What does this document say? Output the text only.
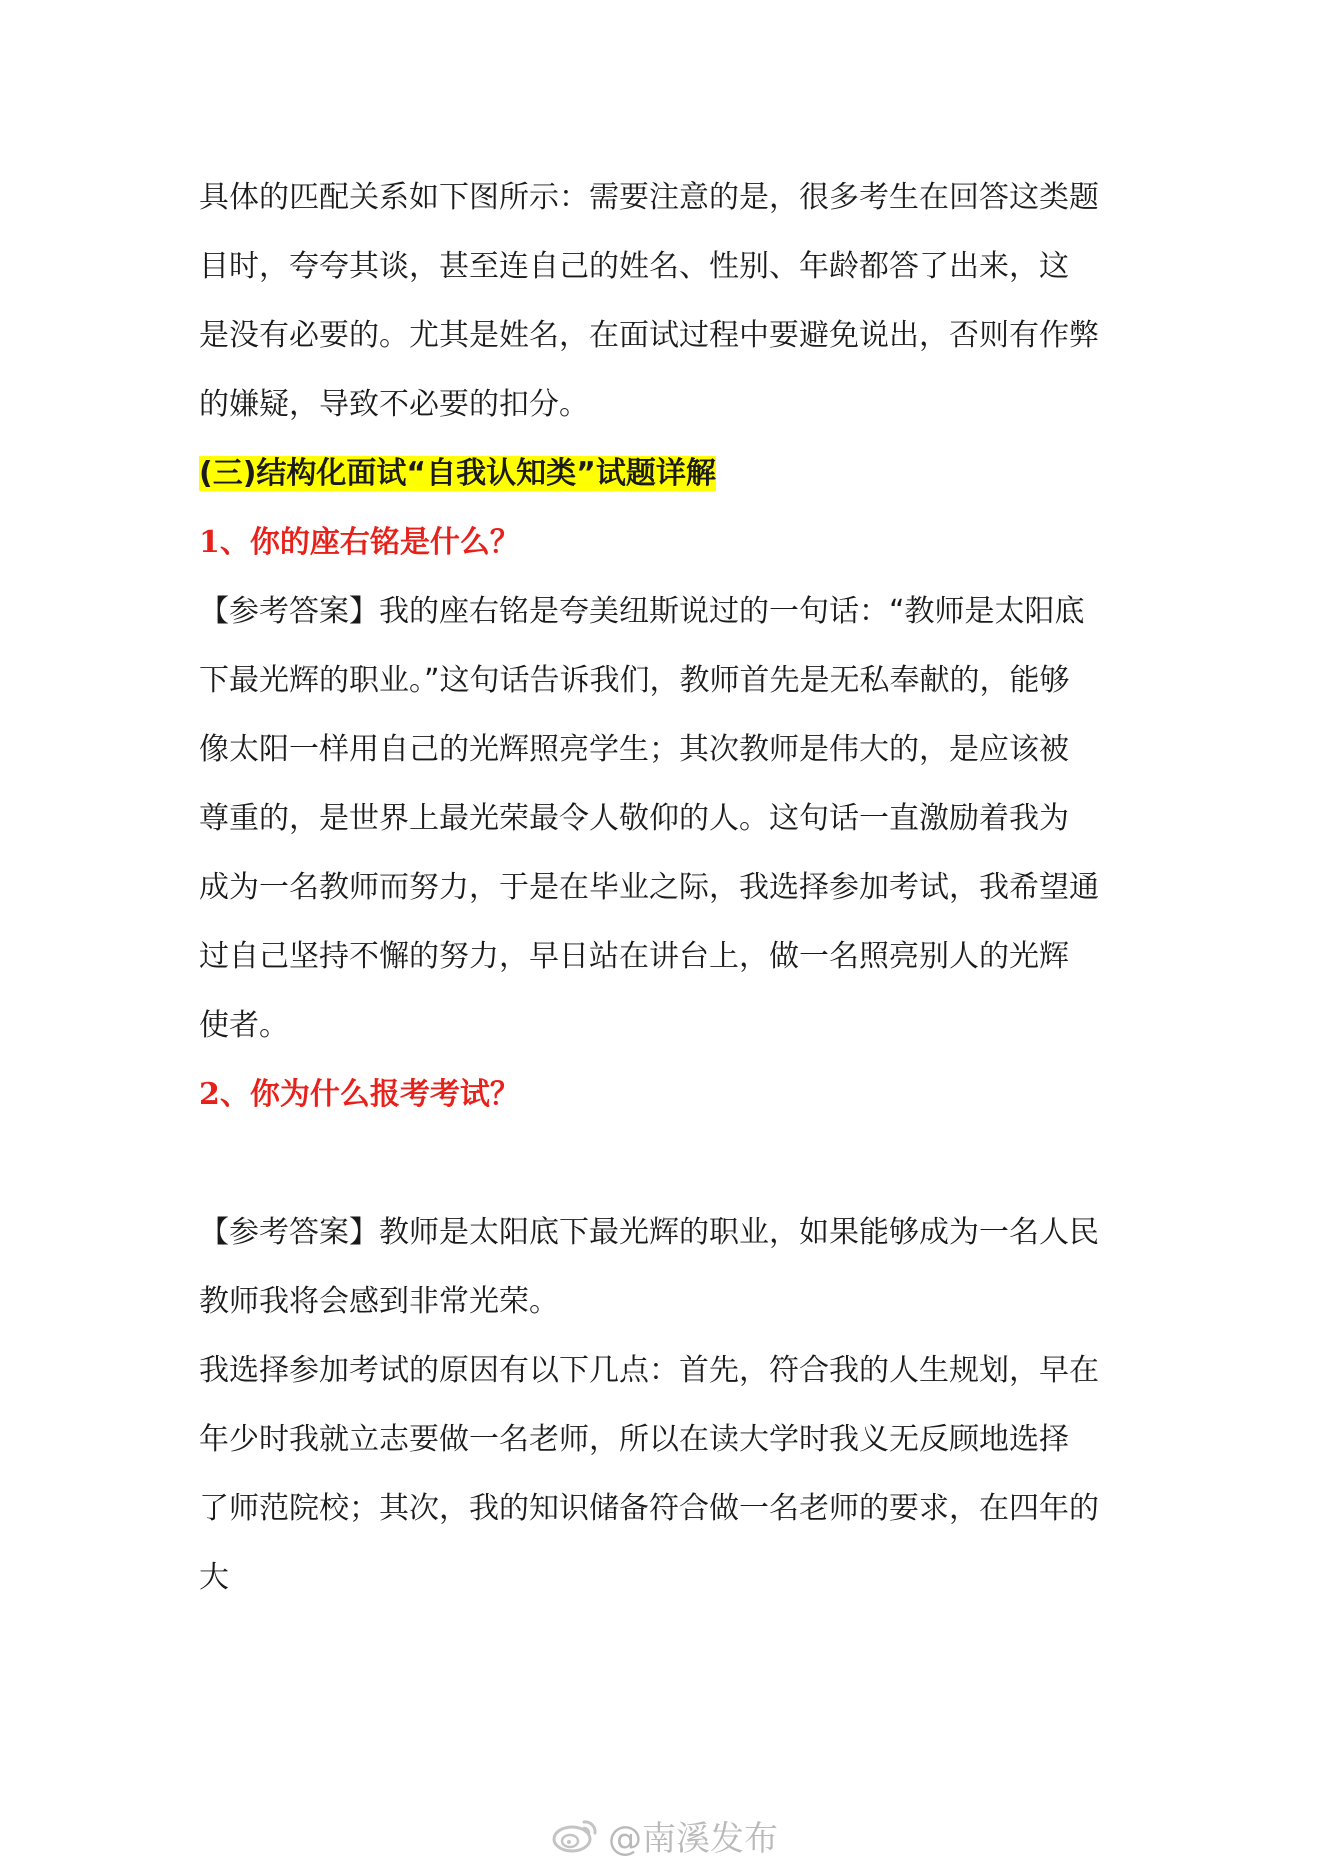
具体的匹配关系如下图所示：需要注意的是，很多考生在回答这类题
目时，夸夸其谈，甚至连自己的姓名、性别、年龄都答了出来，这
是没有必要的。尤其是姓名，在面试过程中要避免说出，否则有作弊
的嫌疑，导致不必要的扣分。
(三)结构化面试“自我认知类”试题详解
1、你的座右铭是什么？
【参考答案】我的座右铭是夸美纽斯说过的一句话：“教师是太阳底
下最光辉的职业。”这句话告诉我们，教师首先是无私奉献的，能够
像太阳一样用自己的光辉照亮学生；其次教师是伟大的，是应该被
尊重的，是世界上最光荣最令人敬仰的人。这句话一直激励着我为
成为一名教师而努力，于是在毕业之际，我选择参加考试，我希望通
过自己坚持不懈的努力，早日站在讲台上，做一名照亮别人的光辉
使者。
2、你为什么报考考试？
【参考答案】教师是太阳底下最光辉的职业，如果能够成为一名人民
教师我将会感到非常光荣。
我选择参加考试的原因有以下几点：首先，符合我的人生规划，早在
年少时我就立志要做一名老师，所以在读大学时我义无反顾地选择
了师范院校；其次，我的知识储备符合做一名老师的要求，在四年的
大
@南溪发布
